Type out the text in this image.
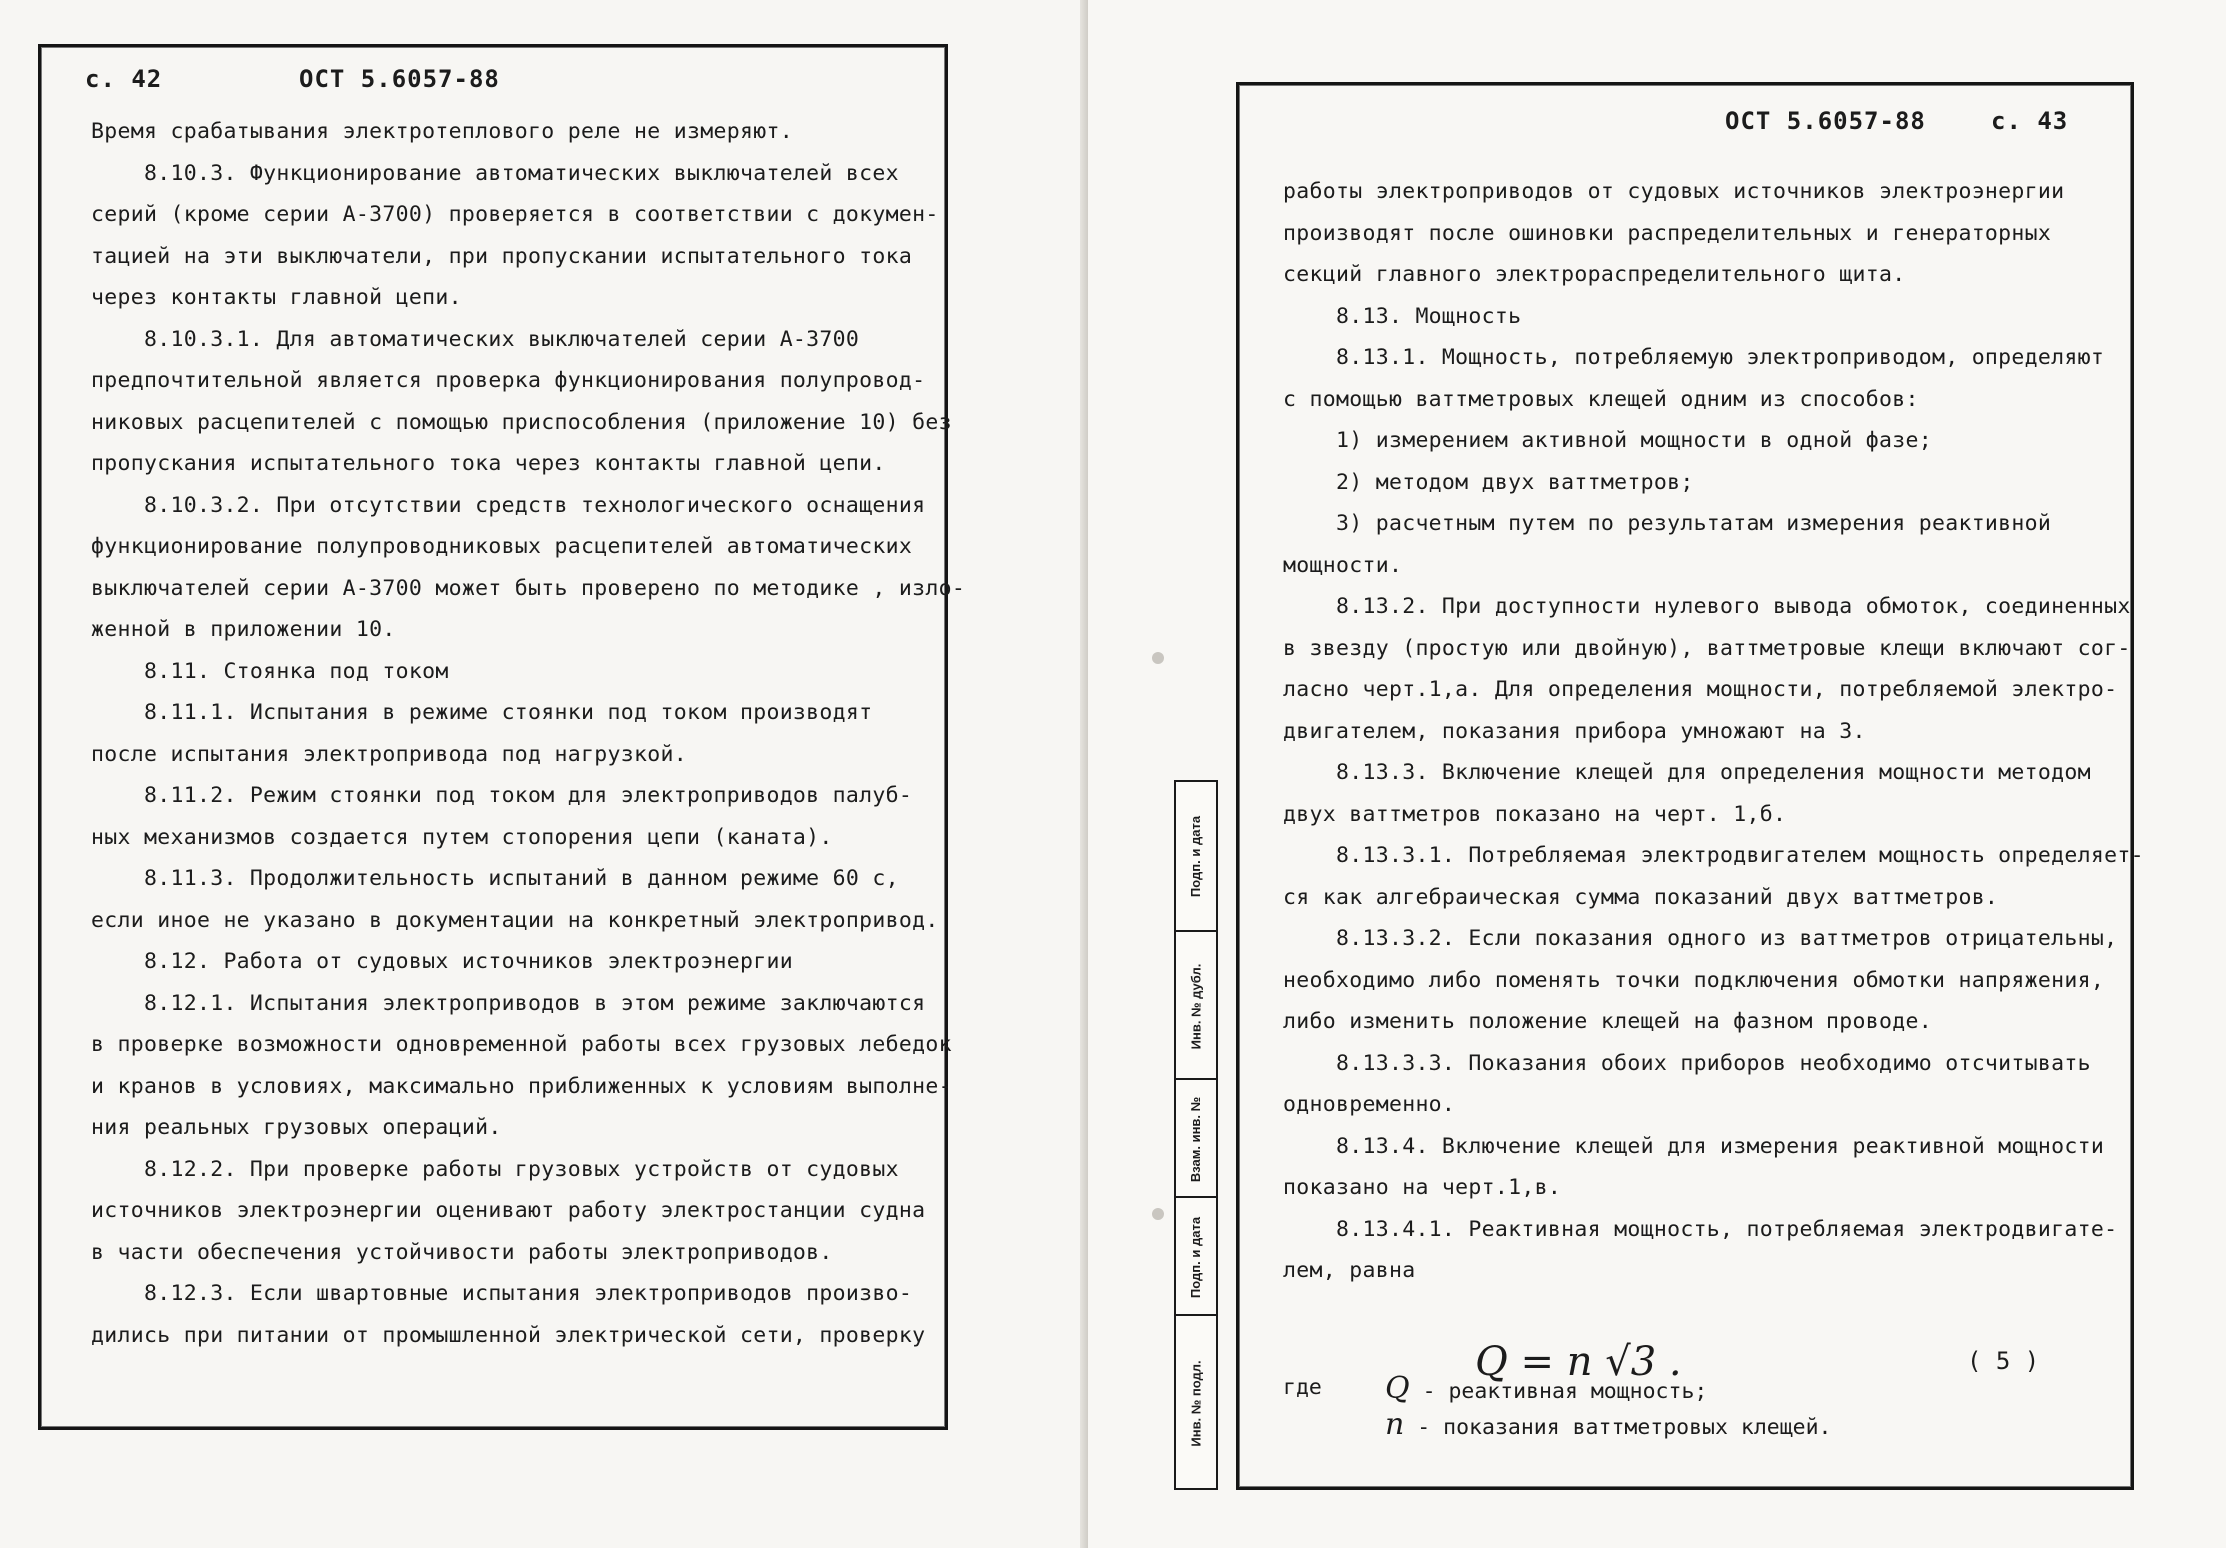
с. 42	ОСТ 5.6057-88
Время срабатывания электротеплового реле не измеряют.
8.10.3. Функционирование автоматических выключателей всех
серий (кроме серии А-3700) проверяется в соответствии с докумен-
тацией на эти выключатели, при пропускании испытательного тока
через контакты главной цепи.
8.10.3.1. Для автоматических выключателей серии А-3700
предпочтительной является проверка функционирования полупровод-
никовых расцепителей с помощью приспособления (приложение 10) без
пропускания испытательного тока через контакты главной цепи.
8.10.3.2. При отсутствии средств технологического оснащения
функционирование полупроводниковых расцепителей автоматических
выключателей серии А-3700 может быть проверено по методике , изло-
женной в приложении 10.
8.11. Стоянка под током
8.11.1. Испытания в режиме стоянки под током производят
после испытания электропривода под нагрузкой.
8.11.2. Режим стоянки под током для электроприводов палуб-
ных механизмов создается путем стопорения цепи (каната).
8.11.3. Продолжительность испытаний в данном режиме 60 с,
если иное не указано в документации на конкретный электропривод.
8.12. Работа от судовых источников электроэнергии
8.12.1. Испытания электроприводов в этом режиме заключаются
в проверке возможности одновременной работы всех грузовых лебедок
и кранов в условиях, максимально приближенных к условиям выполне-
ния реальных грузовых операций.
8.12.2. При проверке работы грузовых устройств от судовых
источников электроэнергии оценивают работу электростанции судна
в части обеспечения устойчивости работы электроприводов.
8.12.3. Если швартовные испытания электроприводов произво-
дились при питании от промышленной электрической сети, проверку
Подп. и дата
Инв. № дубл.
Взам. инв. №
Подп. и дата
Инв. № подл.
ОСТ 5.6057-88	с. 43
работы электроприводов от судовых источников электроэнергии
производят после ошиновки распределительных и генераторных
секций главного электрораспределительного щита.
8.13. Мощность
8.13.1. Мощность, потребляемую электроприводом, определяют
с помощью ваттметровых клещей одним из способов:
1) измерением активной мощности в одной фазе;
2) методом двух ваттметров;
3) расчетным путем по результатам измерения реактивной
мощности.
8.13.2. При доступности нулевого вывода обмоток, соединенных
в звезду (простую или двойную), ваттметровые клещи включают сог-
ласно черт.1,а. Для определения мощности, потребляемой электро-
двигателем, показания прибора умножают на 3.
8.13.3. Включение клещей для определения мощности методом
двух ваттметров показано на черт. 1,б.
8.13.3.1. Потребляемая электродвигателем мощность определяет-
ся как алгебраическая сумма показаний двух ваттметров.
8.13.3.2. Если показания одного из ваттметров отрицательны,
необходимо либо поменять точки подключения обмотки напряжения,
либо изменить положение клещей на фазном проводе.
8.13.3.3. Показания обоих приборов необходимо отсчитывать
одновременно.
8.13.4. Включение клещей для измерения реактивной мощности
показано на черт.1,в.
8.13.4.1. Реактивная мощность, потребляемая электродвигате-
лем, равна
Q = n √3 .	( 5 )
где Q - реактивная мощность;
n - показания ваттметровых клещей.
